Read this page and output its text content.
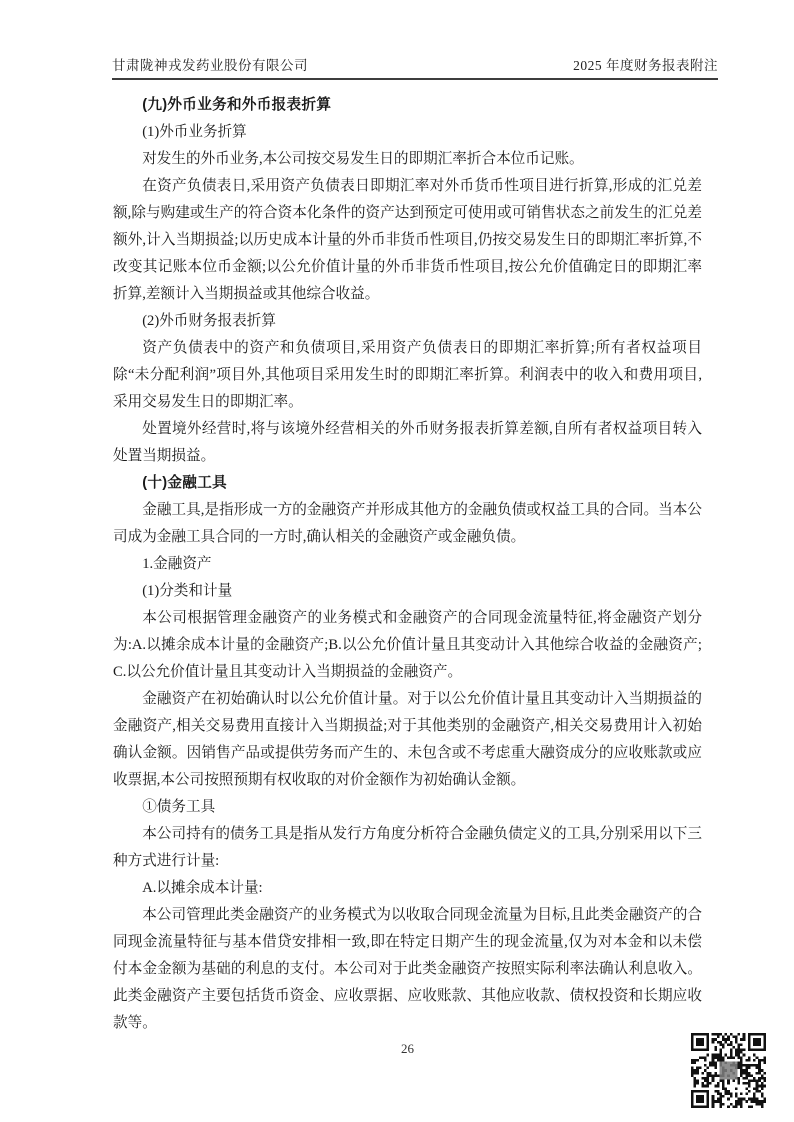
甘肃陇神戎发药业股份有限公司	2025 年度财务报表附注

(九)外币业务和外币报表折算

(1)外币业务折算

对发生的外币业务,本公司按交易发生日的即期汇率折合本位币记账。

在资产负债表日,采用资产负债表日即期汇率对外币货币性项目进行折算,形成的汇兑差额,除与购建或生产的符合资本化条件的资产达到预定可使用或可销售状态之前发生的汇兑差额外,计入当期损益;以历史成本计量的外币非货币性项目,仍按交易发生日的即期汇率折算,不改变其记账本位币金额;以公允价值计量的外币非货币性项目,按公允价值确定日的即期汇率折算,差额计入当期损益或其他综合收益。

(2)外币财务报表折算

资产负债表中的资产和负债项目,采用资产负债表日的即期汇率折算;所有者权益项目除“未分配利润”项目外,其他项目采用发生时的即期汇率折算。利润表中的收入和费用项目,采用交易发生日的即期汇率。

处置境外经营时,将与该境外经营相关的外币财务报表折算差额,自所有者权益项目转入处置当期损益。

(十)金融工具

金融工具,是指形成一方的金融资产并形成其他方的金融负债或权益工具的合同。当本公司成为金融工具合同的一方时,确认相关的金融资产或金融负债。

1.金融资产

(1)分类和计量

本公司根据管理金融资产的业务模式和金融资产的合同现金流量特征,将金融资产划分为:A.以摊余成本计量的金融资产;B.以公允价值计量且其变动计入其他综合收益的金融资产;C.以公允价值计量且其变动计入当期损益的金融资产。

金融资产在初始确认时以公允价值计量。对于以公允价值计量且其变动计入当期损益的金融资产,相关交易费用直接计入当期损益;对于其他类别的金融资产,相关交易费用计入初始确认金额。因销售产品或提供劳务而产生的、未包含或不考虑重大融资成分的应收账款或应收票据,本公司按照预期有权收取的对价金额作为初始确认金额。

①债务工具

本公司持有的债务工具是指从发行方角度分析符合金融负债定义的工具,分别采用以下三种方式进行计量:

A.以摊余成本计量:

本公司管理此类金融资产的业务模式为以收取合同现金流量为目标,且此类金融资产的合同现金流量特征与基本借贷安排相一致,即在特定日期产生的现金流量,仅为对本金和以未偿付本金金额为基础的利息的支付。本公司对于此类金融资产按照实际利率法确认利息收入。此类金融资产主要包括货币资金、应收票据、应收账款、其他应收款、债权投资和长期应收款等。

26
